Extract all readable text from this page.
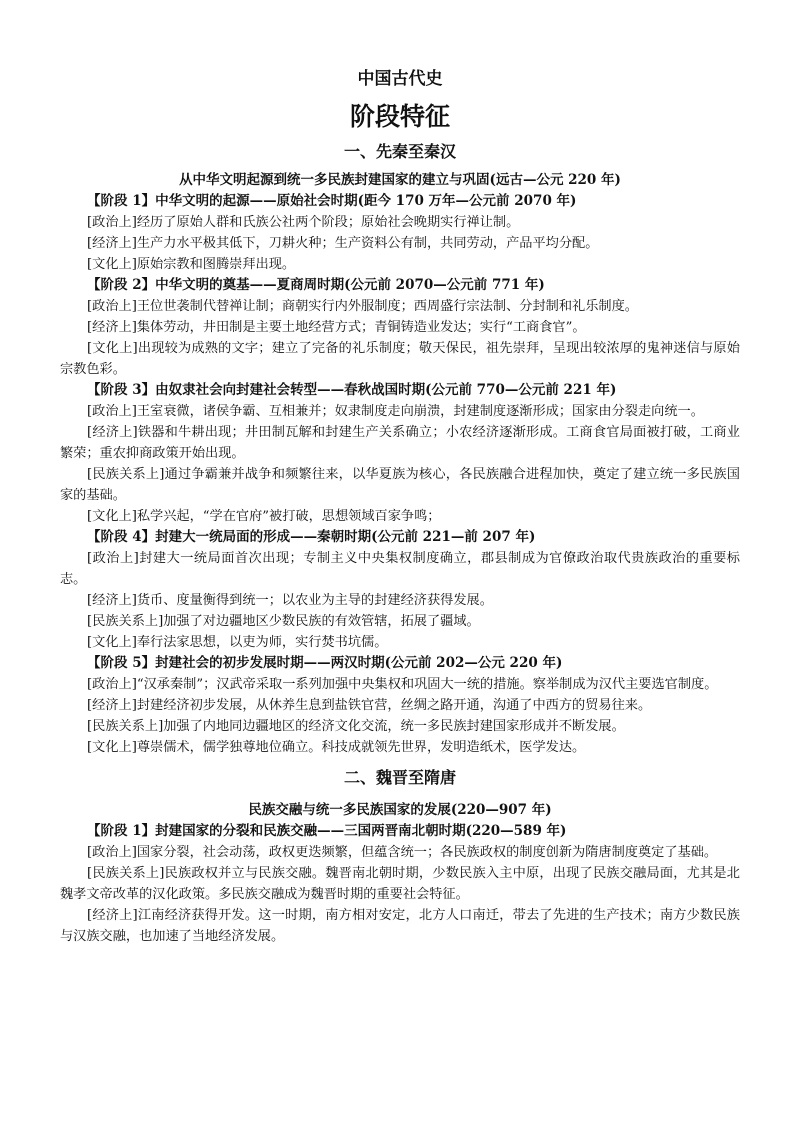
中国古代史
阶段特征
一、先秦至秦汉
从中华文明起源到统一多民族封建国家的建立与巩固(远古—公元 220 年)
【阶段 1】中华文明的起源——原始社会时期(距今 170 万年—公元前 2070 年)
[政治上]经历了原始人群和氏族公社两个阶段；原始社会晚期实行禅让制。
[经济上]生产力水平极其低下，刀耕火种；生产资料公有制，共同劳动，产品平均分配。
[文化上]原始宗教和图腾崇拜出现。
【阶段 2】中华文明的奠基——夏商周时期(公元前 2070—公元前 771 年)
[政治上]王位世袭制代替禅让制；商朝实行内外服制度；西周盛行宗法制、分封制和礼乐制度。
[经济上]集体劳动，井田制是主要土地经营方式；青铜铸造业发达；实行“工商食官”。
[文化上]出现较为成熟的文字；建立了完备的礼乐制度；敬天保民，祖先崇拜，呈现出较浓厚的鬼神迷信与原始宗教色彩。
【阶段 3】由奴隶社会向封建社会转型——春秋战国时期(公元前 770—公元前 221 年)
[政治上]王室衰微，诸侯争霸、互相兼并；奴隶制度走向崩溃，封建制度逐渐形成；国家由分裂走向统一。
[经济上]铁器和牛耕出现；井田制瓦解和封建生产关系确立；小农经济逐渐形成。工商食官局面被打破，工商业繁荣；重农抑商政策开始出现。
[民族关系上]通过争霸兼并战争和频繁往来，以华夏族为核心，各民族融合进程加快，奠定了建立统一多民族国家的基础。
[文化上]私学兴起，“学在官府”被打破，思想领域百家争鸣；
【阶段 4】封建大一统局面的形成——秦朝时期(公元前 221—前 207 年)
[政治上]封建大一统局面首次出现；专制主义中央集权制度确立，郡县制成为官僚政治取代贵族政治的重要标志。
[经济上]货币、度量衡得到统一；以农业为主导的封建经济获得发展。
[民族关系上]加强了对边疆地区少数民族的有效管辖，拓展了疆域。
[文化上]奉行法家思想，以吏为师，实行焚书坑儒。
【阶段 5】封建社会的初步发展时期——两汉时期(公元前 202—公元 220 年)
[政治上]“汉承秦制”；汉武帝采取一系列加强中央集权和巩固大一统的措施。察举制成为汉代主要选官制度。
[经济上]封建经济初步发展，从休养生息到盐铁官营，丝绸之路开通，沟通了中西方的贸易往来。
[民族关系上]加强了内地同边疆地区的经济文化交流，统一多民族封建国家形成并不断发展。
[文化上]尊崇儒术，儒学独尊地位确立。科技成就领先世界，发明造纸术，医学发达。
二、魏晋至隋唐
民族交融与统一多民族国家的发展(220—907 年)
【阶段 1】封建国家的分裂和民族交融——三国两晋南北朝时期(220—589 年)
[政治上]国家分裂，社会动荡，政权更迭频繁，但蕴含统一；各民族政权的制度创新为隋唐制度奠定了基础。
[民族关系上]民族政权并立与民族交融。魏晋南北朝时期，少数民族入主中原，出现了民族交融局面，尤其是北魏孝文帝改革的汉化政策。多民族交融成为魏晋时期的重要社会特征。
[经济上]江南经济获得开发。这一时期，南方相对安定，北方人口南迁，带去了先进的生产技术；南方少数民族与汉族交融，也加速了当地经济发展。
